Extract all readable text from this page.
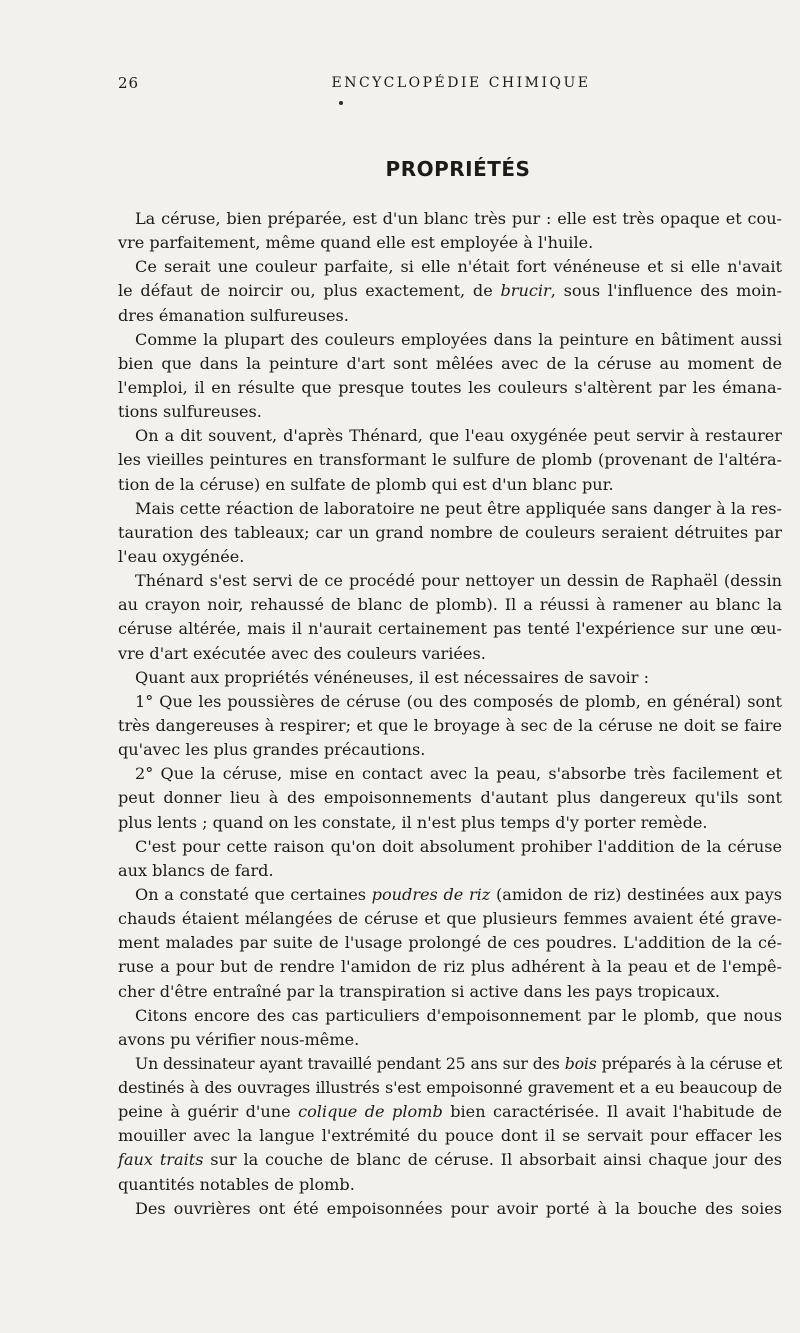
26	ENCYCLOPÉDIE CHIMIQUE
PROPRIÉTÉS
La céruse, bien préparée, est d'un blanc très pur : elle est très opaque et cou-
vre parfaitement, même quand elle est employée à l'huile.
Ce serait une couleur parfaite, si elle n'était fort vénéneuse et si elle n'avait
le défaut de noircir ou, plus exactement, de brucir, sous l'influence des moin-
dres émanation sulfureuses.
Comme la plupart des couleurs employées dans la peinture en bâtiment aussi
bien que dans la peinture d'art sont mêlées avec de la céruse au moment de
l'emploi, il en résulte que presque toutes les couleurs s'altèrent par les émana-
tions sulfureuses.
On a dit souvent, d'après Thénard, que l'eau oxygénée peut servir à restaurer
les vieilles peintures en transformant le sulfure de plomb (provenant de l'altéra-
tion de la céruse) en sulfate de plomb qui est d'un blanc pur.
Mais cette réaction de laboratoire ne peut être appliquée sans danger à la res-
tauration des tableaux; car un grand nombre de couleurs seraient détruites par
l'eau oxygénée.
Thénard s'est servi de ce procédé pour nettoyer un dessin de Raphaël (dessin
au crayon noir, rehaussé de blanc de plomb). Il a réussi à ramener au blanc la
céruse altérée, mais il n'aurait certainement pas tenté l'expérience sur une œu-
vre d'art exécutée avec des couleurs variées.
Quant aux propriétés vénéneuses, il est nécessaires de savoir :
1° Que les poussières de céruse (ou des composés de plomb, en général) sont
très dangereuses à respirer; et que le broyage à sec de la céruse ne doit se faire
qu'avec les plus grandes précautions.
2° Que la céruse, mise en contact avec la peau, s'absorbe très facilement et
peut donner lieu à des empoisonnements d'autant plus dangereux qu'ils sont
plus lents ; quand on les constate, il n'est plus temps d'y porter remède.
C'est pour cette raison qu'on doit absolument prohiber l'addition de la céruse
aux blancs de fard.
On a constaté que certaines poudres de riz (amidon de riz) destinées aux pays
chauds étaient mélangées de céruse et que plusieurs femmes avaient été grave-
ment malades par suite de l'usage prolongé de ces poudres. L'addition de la cé-
ruse a pour but de rendre l'amidon de riz plus adhérent à la peau et de l'empê-
cher d'être entraîné par la transpiration si active dans les pays tropicaux.
Citons encore des cas particuliers d'empoisonnement par le plomb, que nous
avons pu vérifier nous-même.
Un dessinateur ayant travaillé pendant 25 ans sur des bois préparés à la céruse et
destinés à des ouvrages illustrés s'est empoisonné gravement et a eu beaucoup de
peine à guérir d'une colique de plomb bien caractérisée. Il avait l'habitude de
mouiller avec la langue l'extrémité du pouce dont il se servait pour effacer les
faux traits sur la couche de blanc de céruse. Il absorbait ainsi chaque jour des
quantités notables de plomb.
Des ouvrières ont été empoisonnées pour avoir porté à la bouche des soies
